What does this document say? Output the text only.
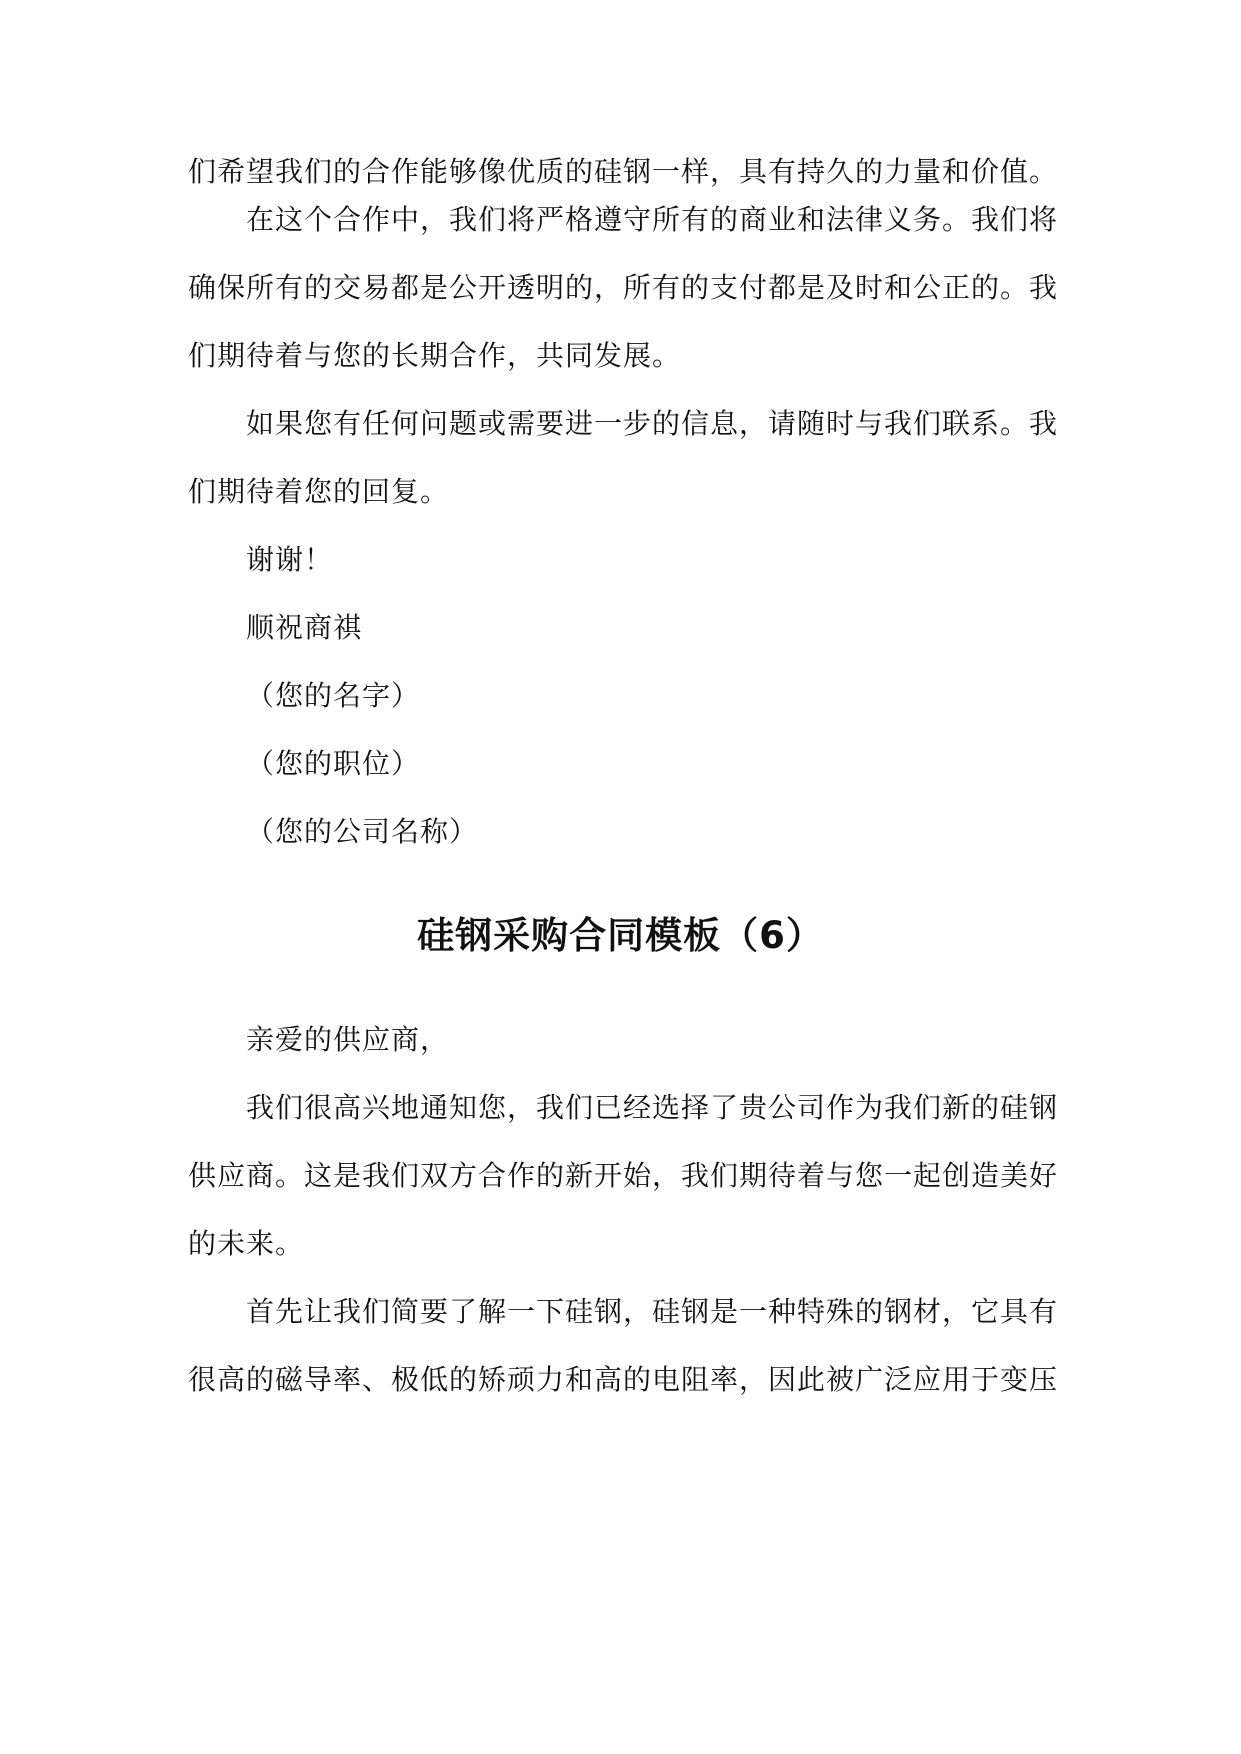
们希望我们的合作能够像优质的硅钢一样，具有持久的力量和价值。
在这个合作中，我们将严格遵守所有的商业和法律义务。我们将
确保所有的交易都是公开透明的，所有的支付都是及时和公正的。我
们期待着与您的长期合作，共同发展。
如果您有任何问题或需要进一步的信息，请随时与我们联系。我
们期待着您的回复。
谢谢！
顺祝商祺
（您的名字）
（您的职位）
（您的公司名称）
硅钢采购合同模板（6）
亲爱的供应商，
我们很高兴地通知您，我们已经选择了贵公司作为我们新的硅钢
供应商。这是我们双方合作的新开始，我们期待着与您一起创造美好
的未来。
首先让我们简要了解一下硅钢，硅钢是一种特殊的钢材，它具有
很高的磁导率、极低的矫顽力和高的电阻率，因此被广泛应用于变压
